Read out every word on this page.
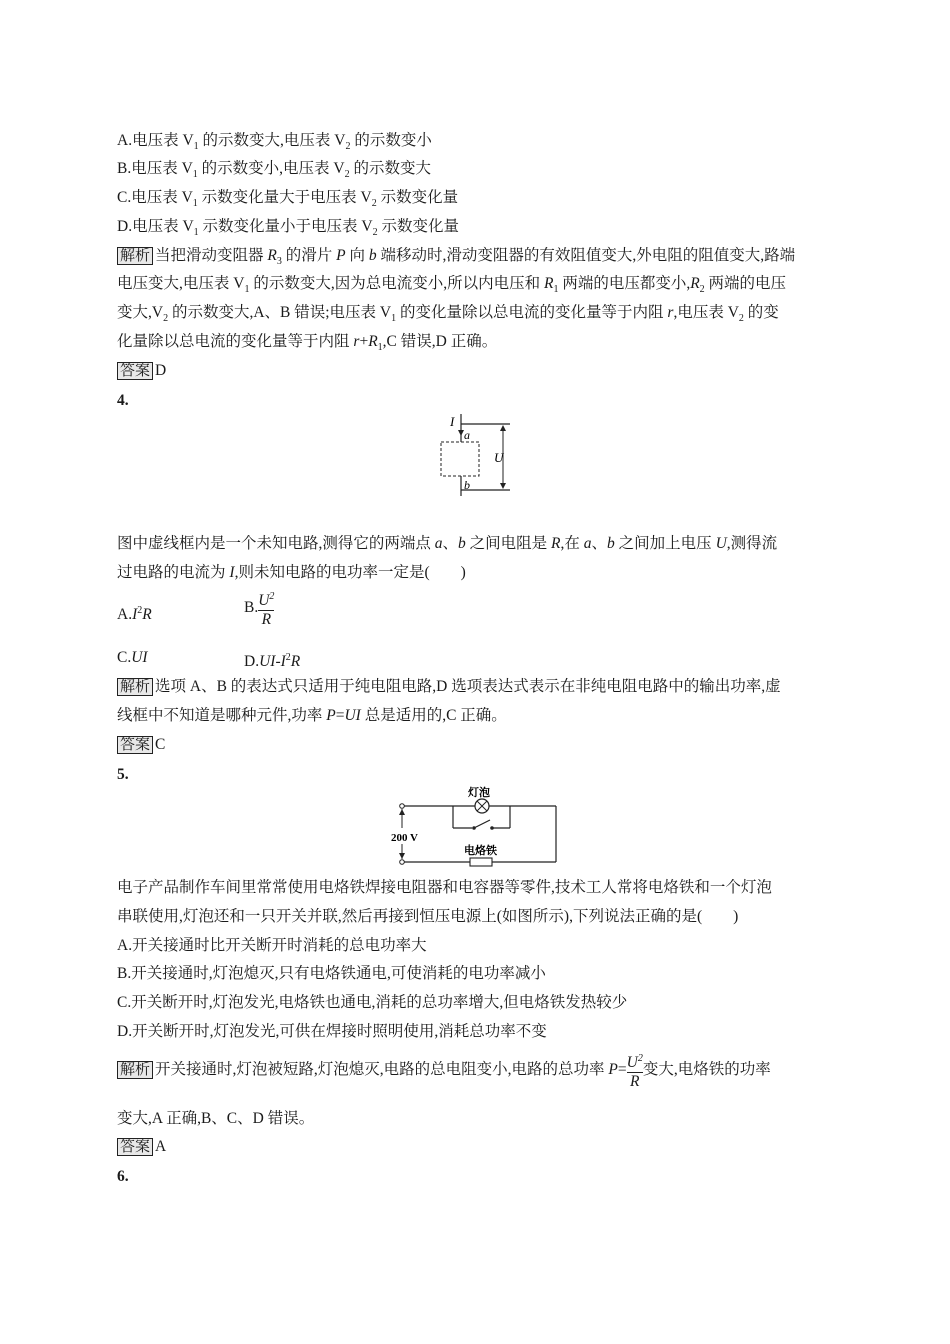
A.电压表 $V_1$ 的示数变大,电压表 $V_2$ 的示数变小
B.电压表 $V_1$ 的示数变小,电压表 $V_2$ 的示数变大
C.电压表 $V_1$ 示数变化量大于电压表 $V_2$ 示数变化量
D.电压表 $V_1$ 示数变化量小于电压表 $V_2$ 示数变化量
解析 当把滑动变阻器 $R_3$ 的滑片 P 向 b 端移动时,滑动变阻器的有效阻值变大,外电阻的阻值变大,路端
电压变大,电压表 $V_1$ 的示数变大,因为总电流变小,所以内电压和 $R_1$ 两端的电压都变小$,R_2$ 两端的电压
变大$,V_2$ 的示数变大,A、B 错误;电压表 $V_1$ 的变化量除以总电流的变化量等于内阻 r,电压表 $V_2$ 的变
化量除以总电流的变化量等于内阻 $r+R_1,C$ 错误,D 正确。
答案 D
4.
I
a
b
U
图中虚线框内是一个未知电路,测得它的两端点 a、b 之间电阻是 R,在 a、b 之间加上电压 U,测得流
过电路的电流为 I,则未知电路的电功率一定是(　　)
$A.I^2R$	B. $\frac{U^2}{R}$
C.UI	$D.UI-I^2R$
解析 选项 A、B 的表达式只适用于纯电阻电路,D 选项表达式表示在非纯电阻电路中的输出功率,虚
线框中不知道是哪种元件,功率 P=UI 总是适用的,C 正确。
答案 C
5.
灯泡
200 V
电烙铁
电子产品制作车间里常常使用电烙铁焊接电阻器和电容器等零件,技术工人常将电烙铁和一个灯泡
串联使用,灯泡还和一只开关并联,然后再接到恒压电源上(如图所示),下列说法正确的是(　　)
A.开关接通时比开关断开时消耗的总电功率大
B.开关接通时,灯泡熄灭,只有电烙铁通电,可使消耗的电功率减小
C.开关断开时,灯泡发光,电烙铁也通电,消耗的总功率增大,但电烙铁发热较少
D.开关断开时,灯泡发光,可供在焊接时照明使用,消耗总功率不变
解析 开关接通时,灯泡被短路,灯泡熄灭,电路的总电阻变小,电路的总功率 $P= \frac{U^2}{R}$ 变大,电烙铁的功率
变大,A 正确,B、C、D 错误。
答案 A
6.
